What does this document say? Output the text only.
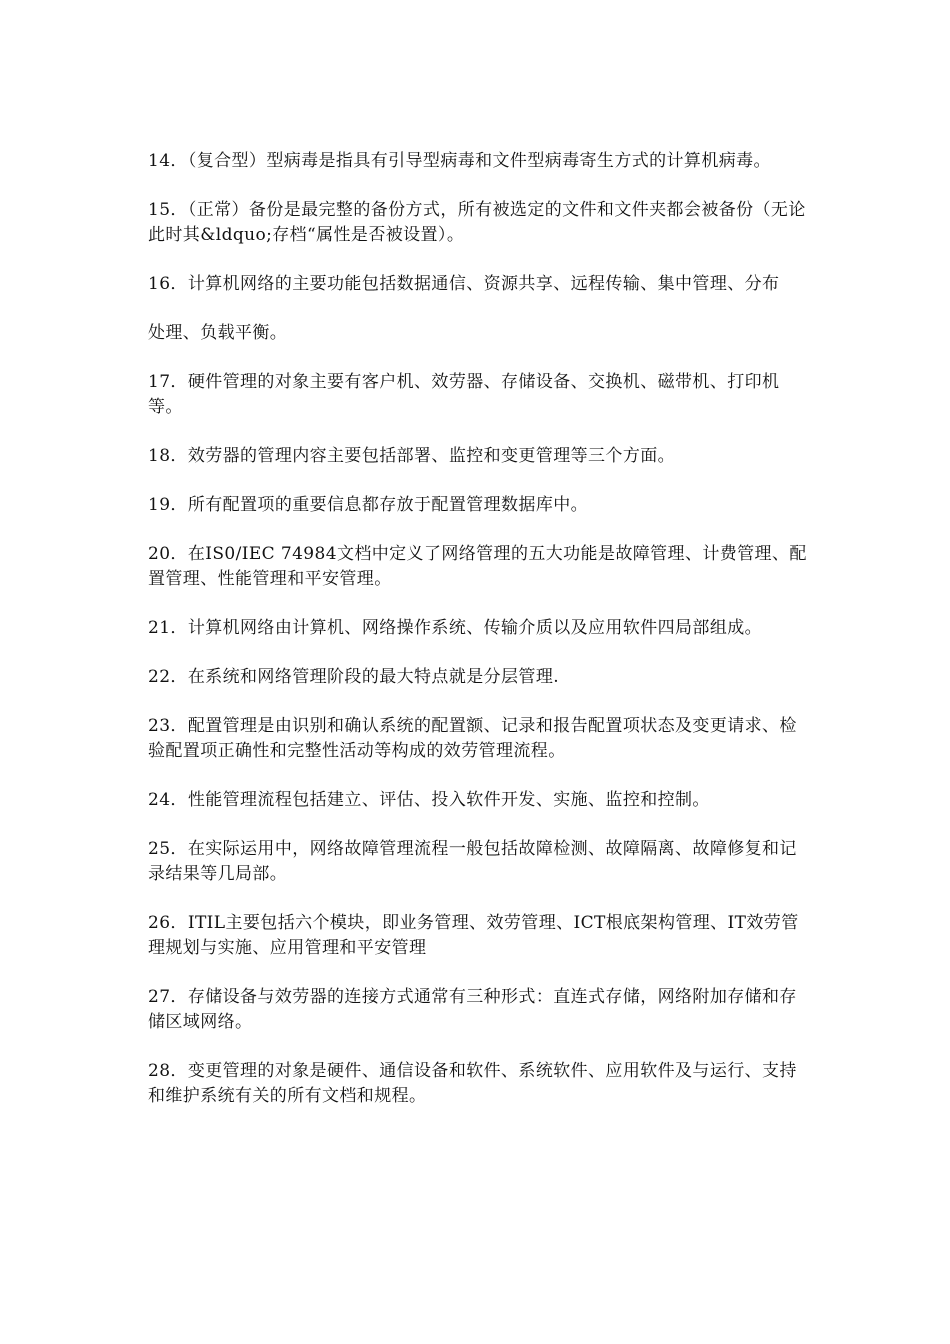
14．（复合型）型病毒是指具有引导型病毒和文件型病毒寄生方式的计算机病毒。

15．（正常）备份是最完整的备份方式，所有被选定的文件和文件夹都会被备份（无论此时其&ldquo;存档“属性是否被设置）。

16．计算机网络的主要功能包括数据通信、资源共享、远程传输、集中管理、分布

处理、负载平衡。

17．硬件管理的对象主要有客户机、效劳器、存储设备、交换机、磁带机、打印机等。

18．效劳器的管理内容主要包括部署、监控和变更管理等三个方面。

19．所有配置项的重要信息都存放于配置管理数据库中。

20．在IS0/IEC 74984文档中定义了网络管理的五大功能是故障管理、计费管理、配置管理、性能管理和平安管理。

21．计算机网络由计算机、网络操作系统、传输介质以及应用软件四局部组成。

22．在系统和网络管理阶段的最大特点就是分层管理.

23．配置管理是由识别和确认系统的配置额、记录和报告配置项状态及变更请求、检验配置项正确性和完整性活动等构成的效劳管理流程。

24．性能管理流程包括建立、评估、投入软件开发、实施、监控和控制。

25．在实际运用中，网络故障管理流程一般包括故障检测、故障隔离、故障修复和记录结果等几局部。

26．ITIL主要包括六个模块，即业务管理、效劳管理、ICT根底架构管理、IT效劳管理规划与实施、应用管理和平安管理

27．存储设备与效劳器的连接方式通常有三种形式：直连式存储，网络附加存储和存储区域网络。

28．变更管理的对象是硬件、通信设备和软件、系统软件、应用软件及与运行、支持和维护系统有关的所有文档和规程。
